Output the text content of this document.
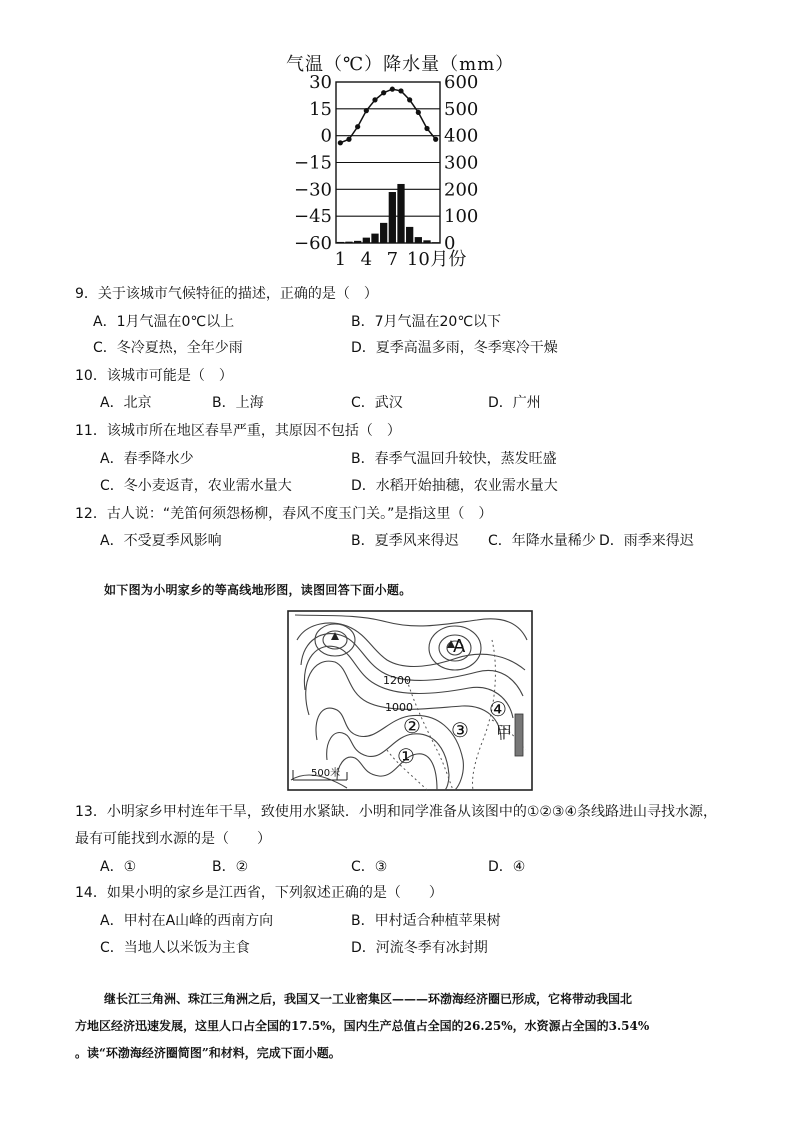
气温（℃）降水量（mm）
30
15
0
−15
−30
−45
−60
600
500
400
300
200
100
0
1 4 7 10 月份
9．关于该城市气候特征的描述，正确的是（　）
A．1月气温在0℃以上	B．7月气温在20℃以下
C．冬冷夏热，全年少雨	D．夏季高温多雨，冬季寒冷干燥
10．该城市可能是（　）
A．北京	B．上海	C．武汉	D．广州
11．该城市所在地区春旱严重，其原因不包括（　）
A．春季降水少	B．春季气温回升较快，蒸发旺盛
C．冬小麦返青，农业需水量大	D．水稻开始抽穗，农业需水量大
12．古人说：“羌笛何须怨杨柳，春风不度玉门关。”是指这里（　）
A．不受夏季风影响	B．夏季风来得迟 C．年降水量稀少 D．雨季来得迟
如下图为小明家乡的等高线地形图，读图回答下面小题。
A
1200
1000
② ③
④
①
甲
500米
13．小明家乡甲村连年干旱，致使用水紧缺．小明和同学准备从该图中的①②③④条线路进山寻找水源，
最有可能找到水源的是（　　）
A．①	B．②	C．③	D．④
14．如果小明的家乡是江西省，下列叙述正确的是（　　）
A．甲村在A山峰的西南方向	B．甲村适合种植苹果树
C．当地人以米饭为主食	D．河流冬季有冰封期
继长江三角洲、珠江三角洲之后，我国又一工业密集区———环渤海经济圈已形成，它将带动我国北
方地区经济迅速发展，这里人口占全国的17.5%，国内生产总值占全国的26.25%，水资源占全国的3.54%
。读“环渤海经济圈简图”和材料，完成下面小题。
